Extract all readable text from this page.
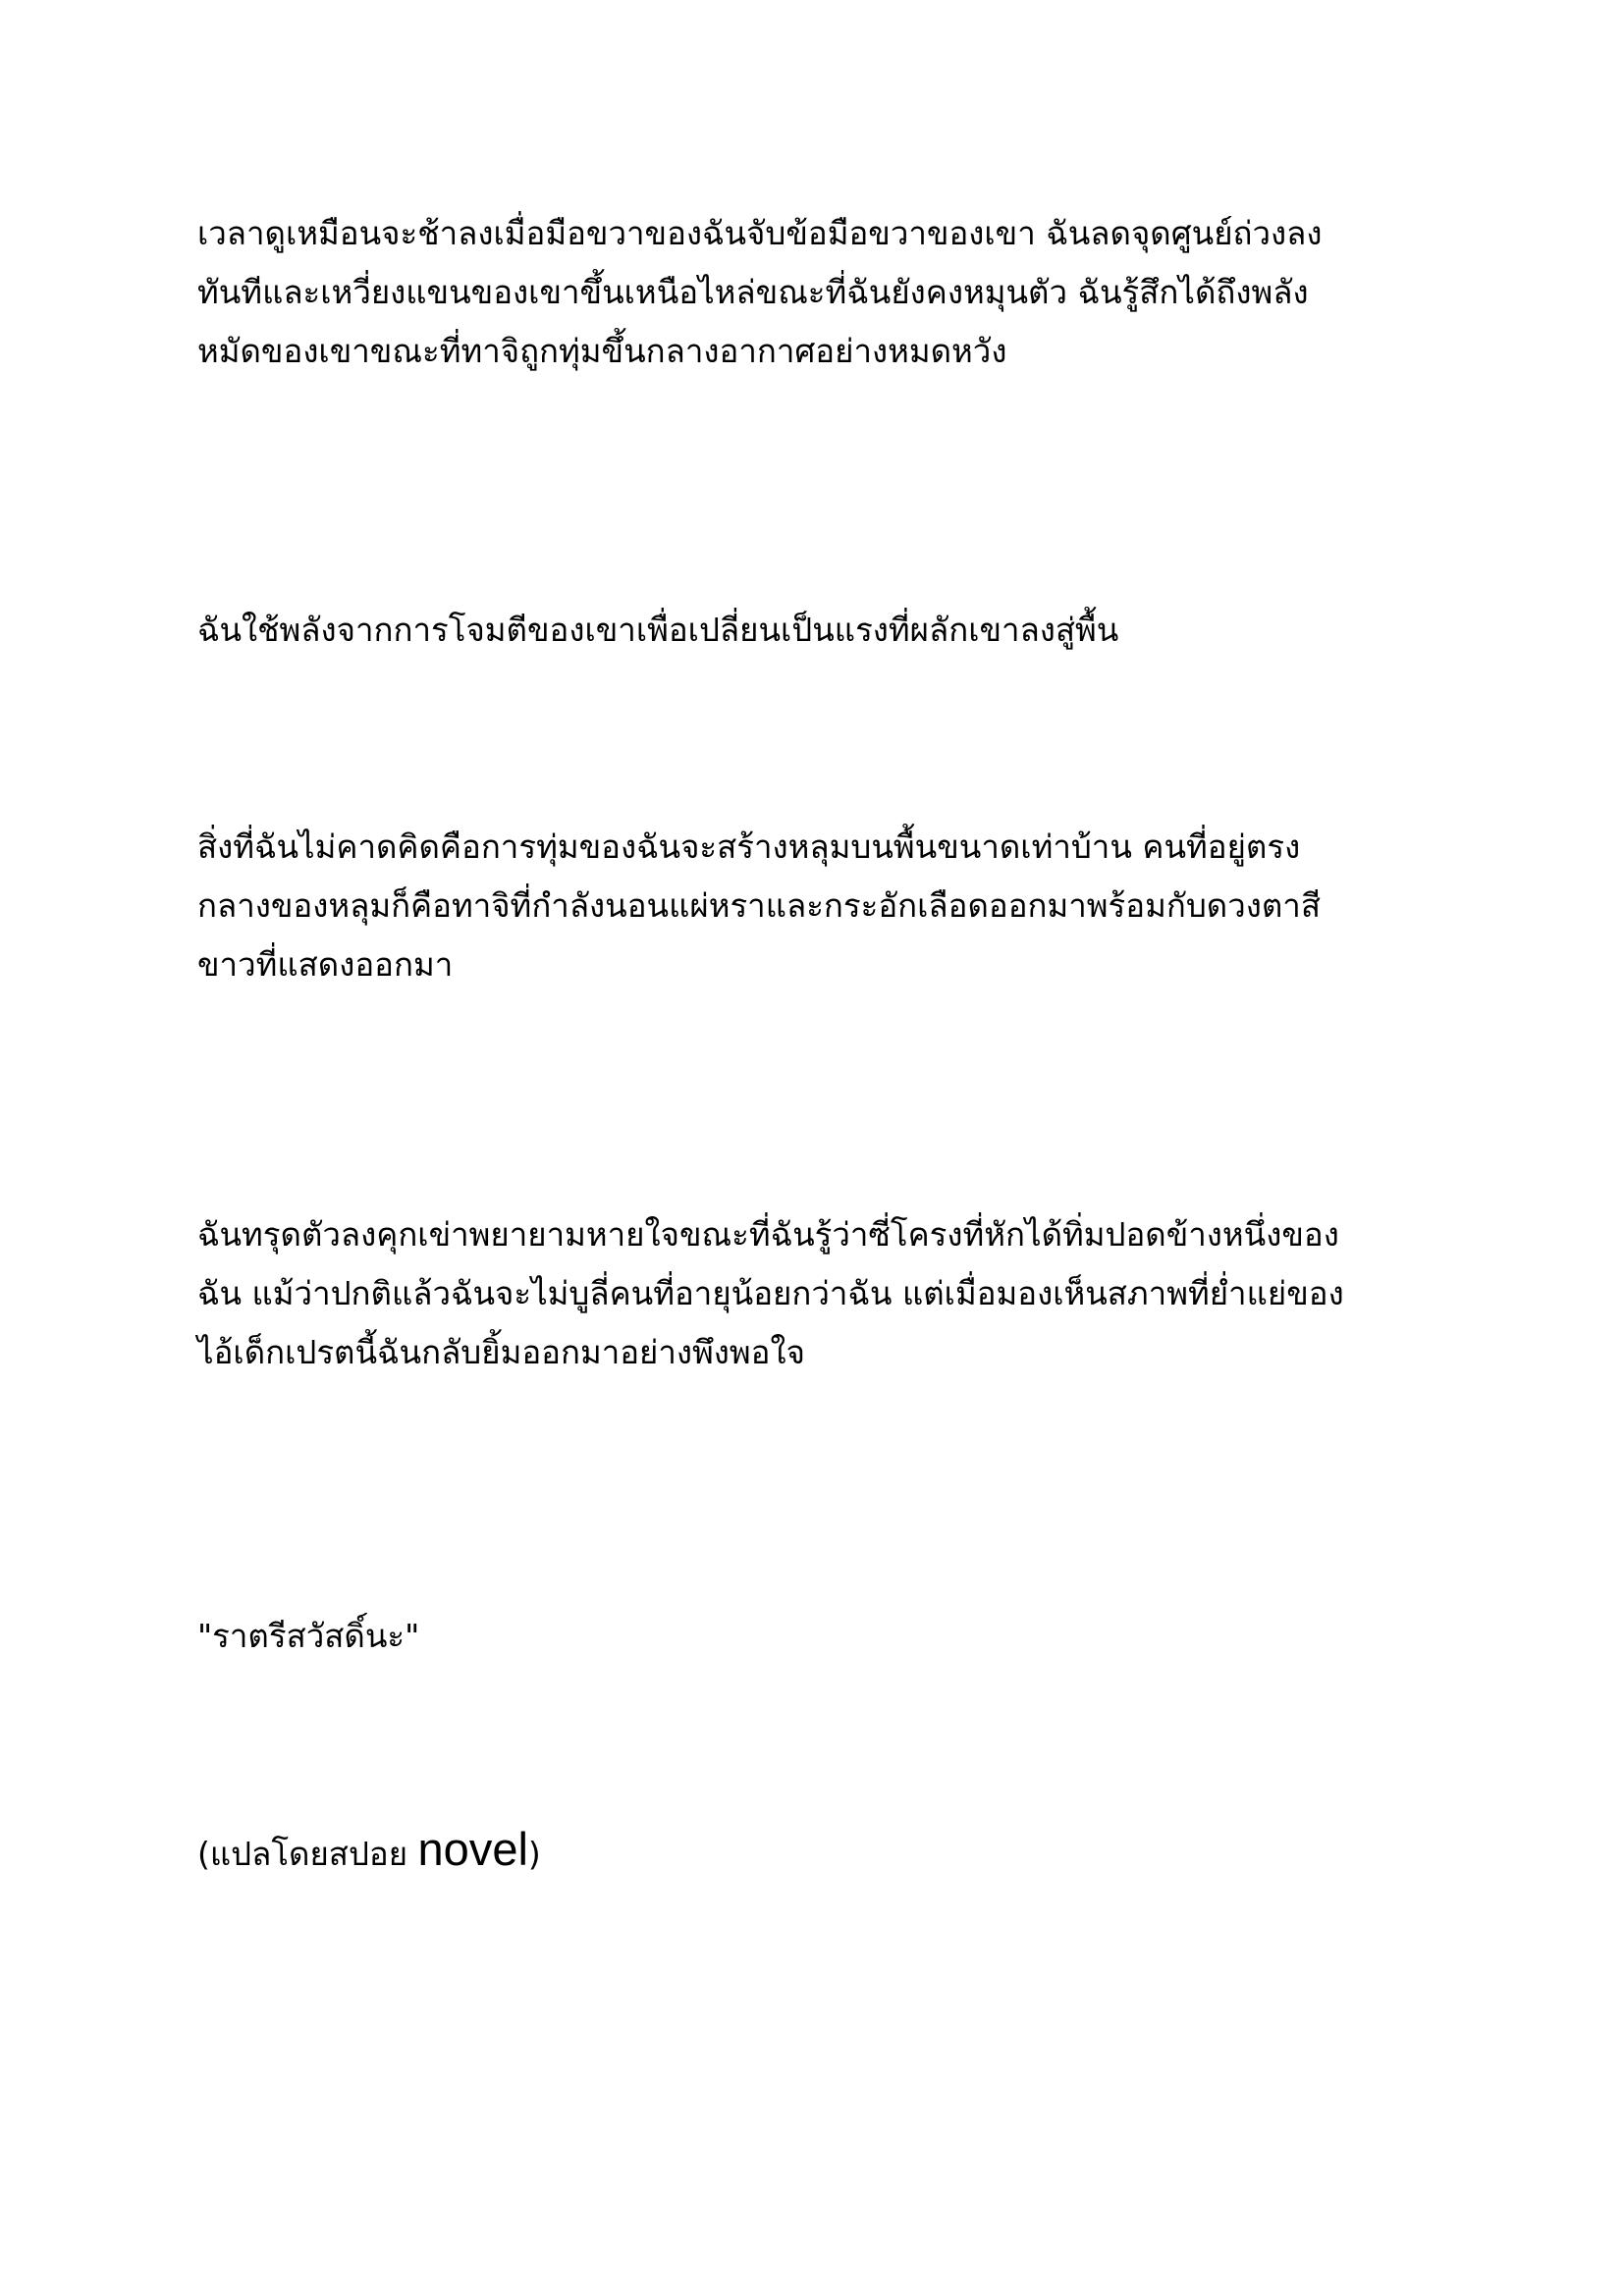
เวลาดูเหมือนจะช้าลงเมื่อมือขวาของฉันจับข้อมือขวาของเขา ฉันลดจุดศูนย์ถ่วงลง
ทันทีและเหวี่ยงแขนของเขาขึ้นเหนือไหล่ขณะที่ฉันยังคงหมุนตัว ฉันรู้สึกได้ถึงพลัง
หมัดของเขาขณะที่ทาจิถูกทุ่มขึ้นกลางอากาศอย่างหมดหวัง
ฉันใช้พลังจากการโจมตีของเขาเพื่อเปลี่ยนเป็นแรงที่ผลักเขาลงสู่พื้น
สิ่งที่ฉันไม่คาดคิดคือการทุ่มของฉันจะสร้างหลุมบนพื้นขนาดเท่าบ้าน คนที่อยู่ตรง
กลางของหลุมก็คือทาจิที่กำลังนอนแผ่หราและกระอักเลือดออกมาพร้อมกับดวงตาสี
ขาวที่แสดงออกมา
ฉันทรุดตัวลงคุกเข่าพยายามหายใจขณะที่ฉันรู้ว่าซี่โครงที่หักได้ทิ่มปอดข้างหนึ่งของ
ฉัน แม้ว่าปกติแล้วฉันจะไม่บูลี่คนที่อายุน้อยกว่าฉัน แต่เมื่อมองเห็นสภาพที่ย่ำแย่ของ
ไอ้เด็กเปรตนี้ฉันกลับยิ้มออกมาอย่างพึงพอใจ
"ราตรีสวัสดิ์นะ"
(แปลโดยสปอย novel)
